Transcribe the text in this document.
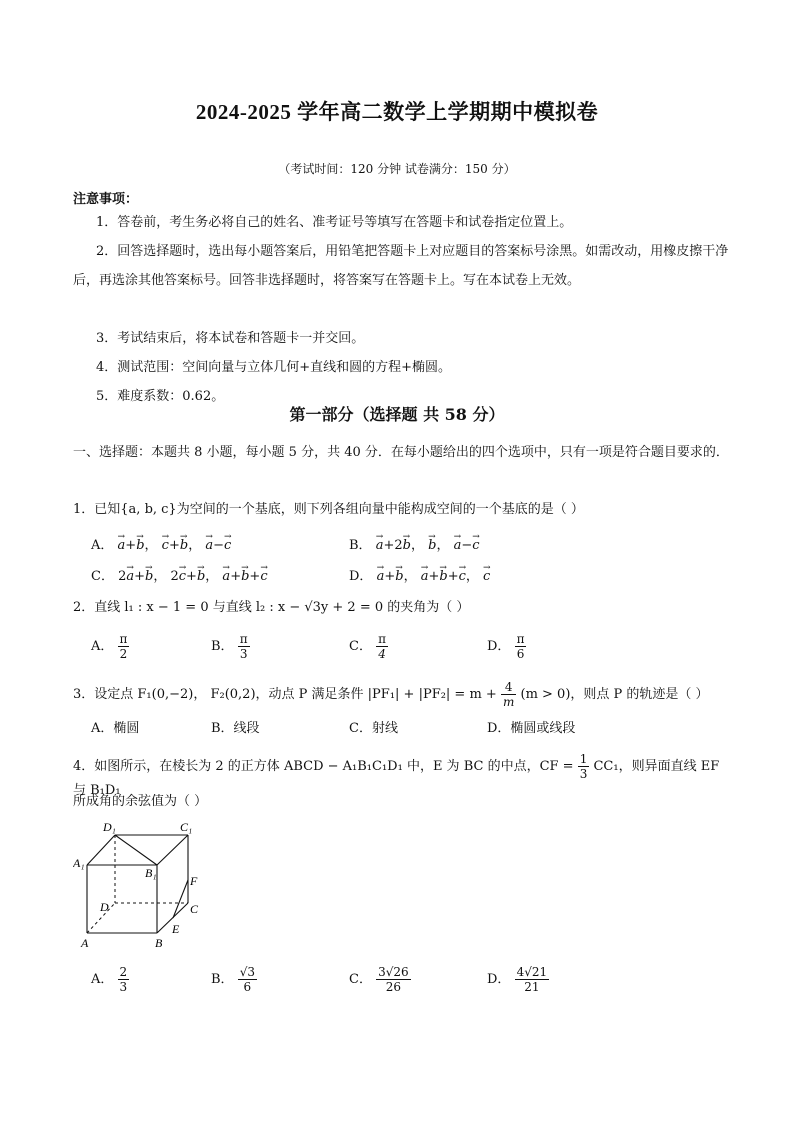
2024-2025 学年高二数学上学期期中模拟卷
（考试时间：120 分钟 试卷满分：150 分）
注意事项：
1．答卷前，考生务必将自己的姓名、准考证号等填写在答题卡和试卷指定位置上。
2．回答选择题时，选出每小题答案后，用铅笔把答题卡上对应题目的答案标号涂黑。如需改动，用橡皮擦干净后，再选涂其他答案标号。回答非选择题时，将答案写在答题卡上。写在本试卷上无效。
3．考试结束后，将本试卷和答题卡一并交回。
4．测试范围：空间向量与立体几何+直线和圆的方程+椭圆。
5．难度系数：0.62。
第一部分（选择题 共 58 分）
一、选择题：本题共 8 小题，每小题 5 分，共 40 分．在每小题给出的四个选项中，只有一项是符合题目要求的．
1．已知{a, b, c}为空间的一个基底，则下列各组向量中能构成空间的一个基底的是（ ）
A． → a+→ b， → c+→ b， → a−→ c	B． → a+2→ b， → b， → a−→ c
C． 2→ a+→ b， 2→ c+→ b， → a+→ b+→ c	D． → a+→ b， → a+→ b+→ c， → c
2．直线 l₁ : x − 1 = 0 与直线 l₂ : x − √3y + 2 = 0 的夹角为（ ）
A． $\frac{\pi}{2}$	B． $\frac{\pi}{3}$	C． $\frac{\pi}{4}$	D． $\frac{\pi}{6}$
3．设定点 F₁(0,−2)， F₂(0,2)，动点 P 满足条件 $|PF_1| + |PF_2| = m + \frac{4}{m} (m > 0)$，则点 P 的轨迹是（ ）
A．椭圆	B．线段	C．射线	D．椭圆或线段
4．如图所示，在棱长为 2 的正方体 ABCD − A₁B₁C₁D₁ 中，E 为 BC 的中点，CF = $\frac{1}{3} CC_1$，则异面直线 EF 与 B₁D₁
所成角的余弦值为（ ）
D₁	C₁
A₁
B₁
F
D	C
E
A	B
A． $\frac{2}{3}$	B． $\frac{√3}{6}$	C． $\frac{3√26}{26}$	D． $\frac{4√21}{21}$
